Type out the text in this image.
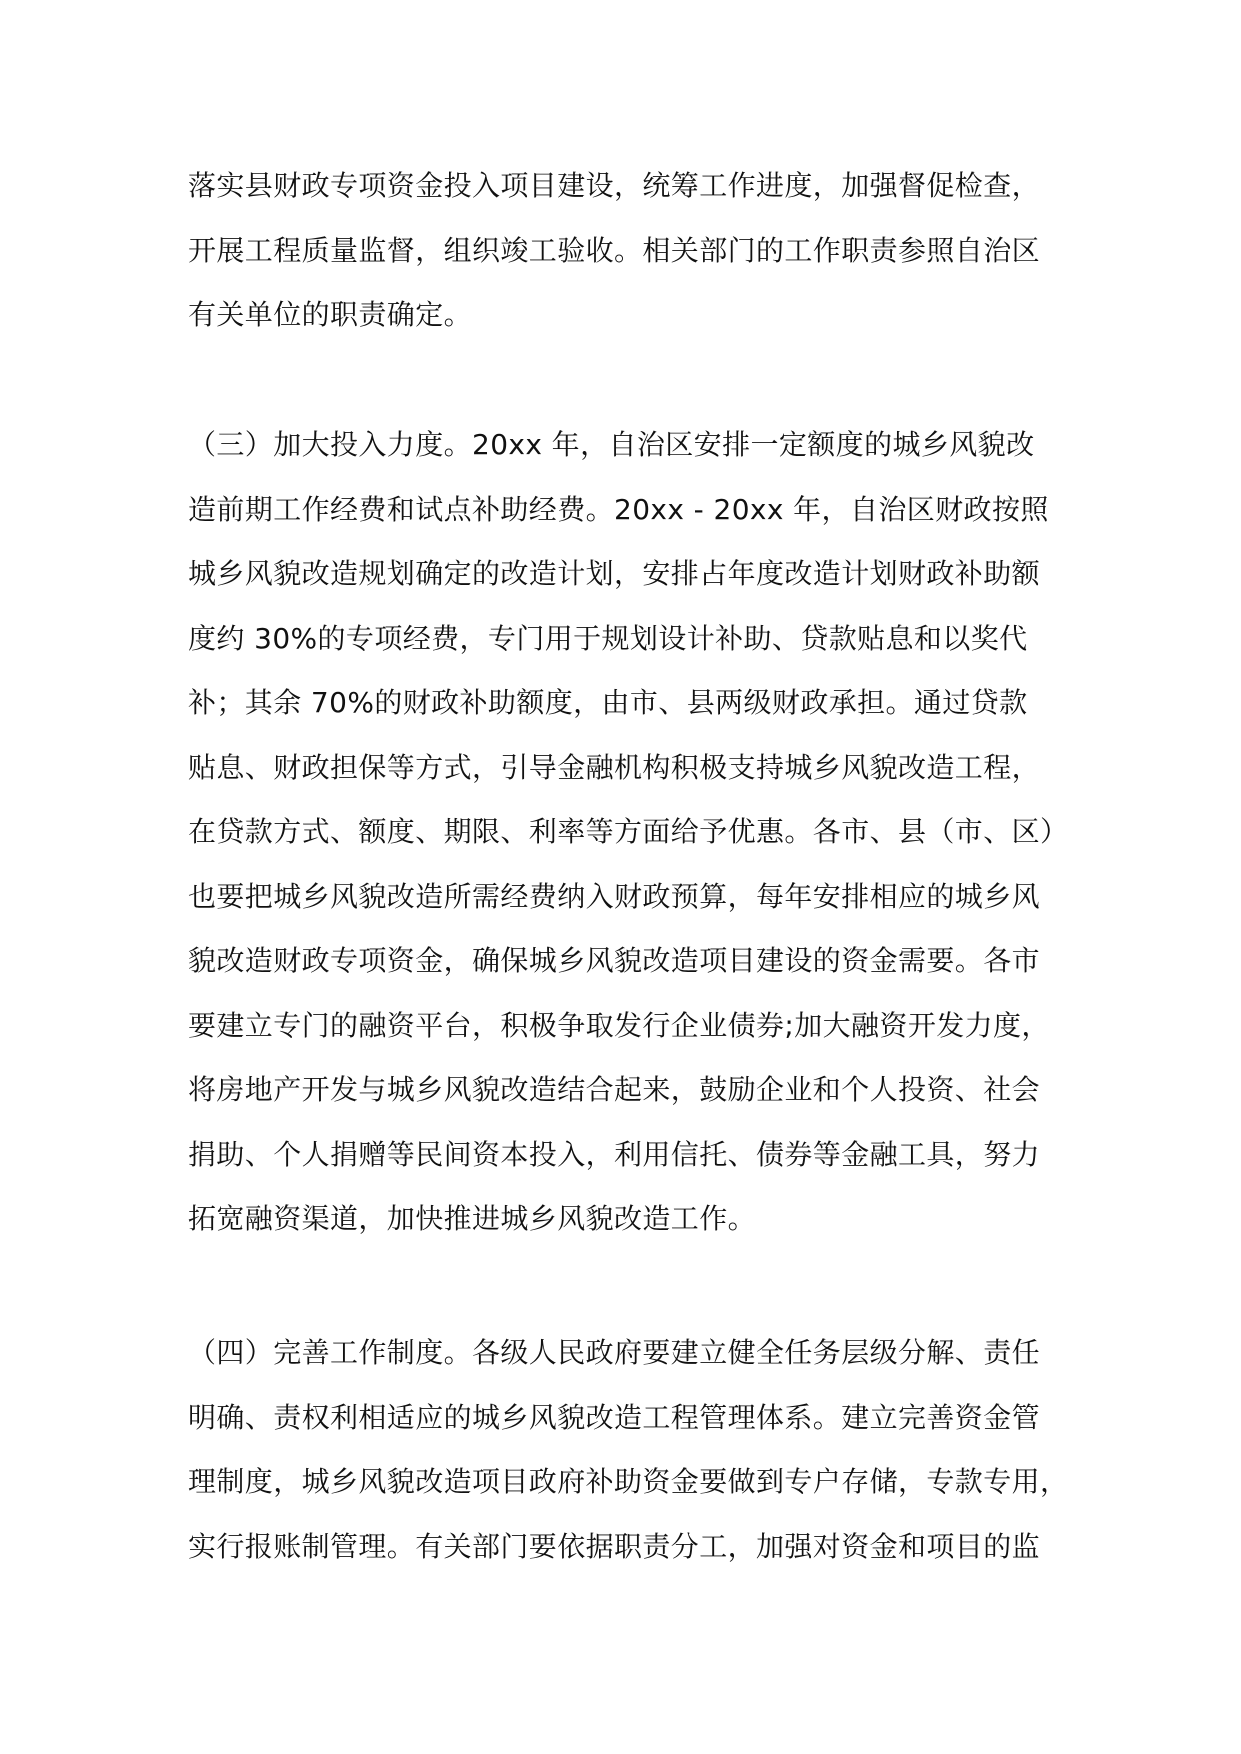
落实县财政专项资金投入项目建设，统筹工作进度，加强督促检查，
开展工程质量监督，组织竣工验收。相关部门的工作职责参照自治区
有关单位的职责确定。
（三）加大投入力度。20xx 年，自治区安排一定额度的城乡风貌改
造前期工作经费和试点补助经费。20xx - 20xx 年，自治区财政按照
城乡风貌改造规划确定的改造计划，安排占年度改造计划财政补助额
度约 30%的专项经费，专门用于规划设计补助、贷款贴息和以奖代
补；其余 70%的财政补助额度，由市、县两级财政承担。通过贷款
贴息、财政担保等方式，引导金融机构积极支持城乡风貌改造工程，
在贷款方式、额度、期限、利率等方面给予优惠。各市、县（市、区）
也要把城乡风貌改造所需经费纳入财政预算，每年安排相应的城乡风
貌改造财政专项资金，确保城乡风貌改造项目建设的资金需要。各市
要建立专门的融资平台，积极争取发行企业债券;加大融资开发力度，
将房地产开发与城乡风貌改造结合起来，鼓励企业和个人投资、社会
捐助、个人捐赠等民间资本投入，利用信托、债券等金融工具，努力
拓宽融资渠道，加快推进城乡风貌改造工作。
（四）完善工作制度。各级人民政府要建立健全任务层级分解、责任
明确、责权利相适应的城乡风貌改造工程管理体系。建立完善资金管
理制度，城乡风貌改造项目政府补助资金要做到专户存储，专款专用，
实行报账制管理。有关部门要依据职责分工，加强对资金和项目的监
